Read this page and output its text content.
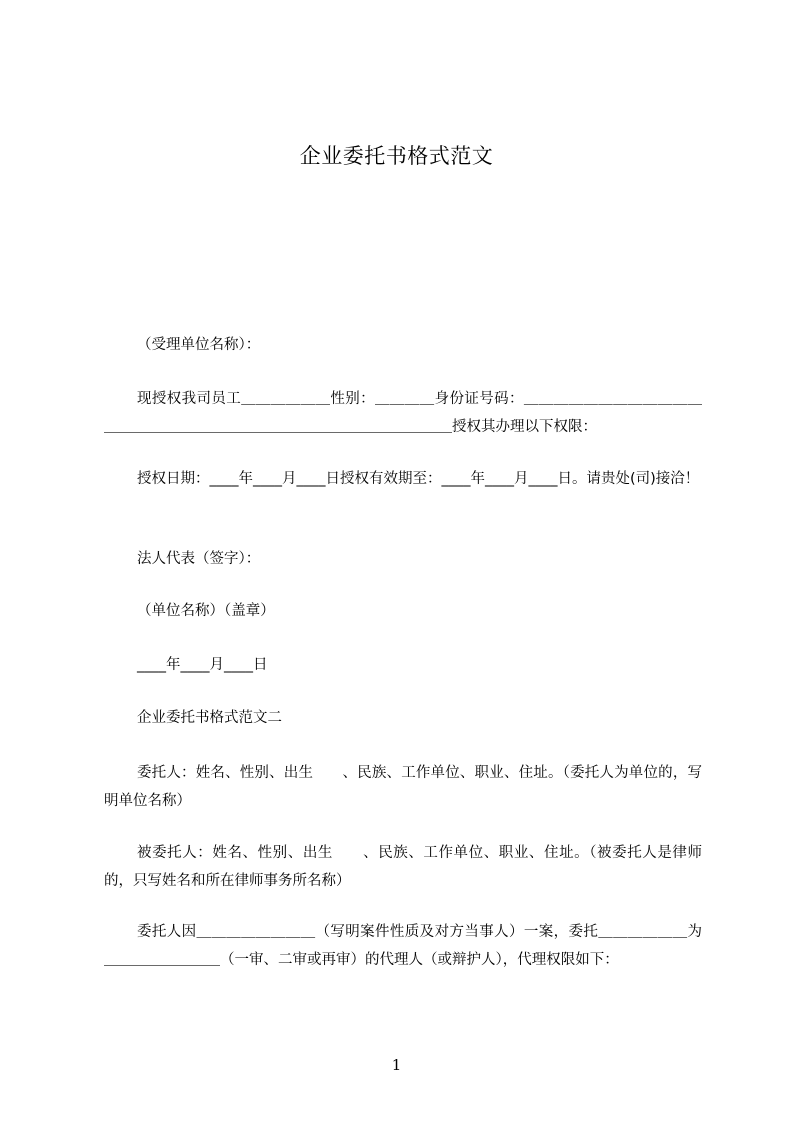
企业委托书格式范文
（受理单位名称）：
现授权我司员工＿＿＿＿＿＿性别：＿＿＿＿身份证号码：＿＿＿＿＿＿＿＿＿＿＿＿＿＿＿＿＿＿＿＿＿＿＿＿＿＿＿＿＿＿＿＿＿＿＿＿授权其办理以下权限：
授权日期：____年____月____日授权有效期至：____年____月____日。请贵处(司)接洽！
法人代表（签字）：
（单位名称）（盖章）
____年____月____日
企业委托书格式范文二
委托人：姓名、性别、出生　　、民族、工作单位、职业、住址。（委托人为单位的，写明单位名称）
被委托人：姓名、性别、出生　　、民族、工作单位、职业、住址。（被委托人是律师的，只写姓名和所在律师事务所名称）
委托人因＿＿＿＿＿＿＿＿（写明案件性质及对方当事人）一案，委托＿＿＿＿＿＿为＿＿＿＿＿＿＿＿（一审、二审或再审）的代理人（或辩护人），代理权限如下：
1
